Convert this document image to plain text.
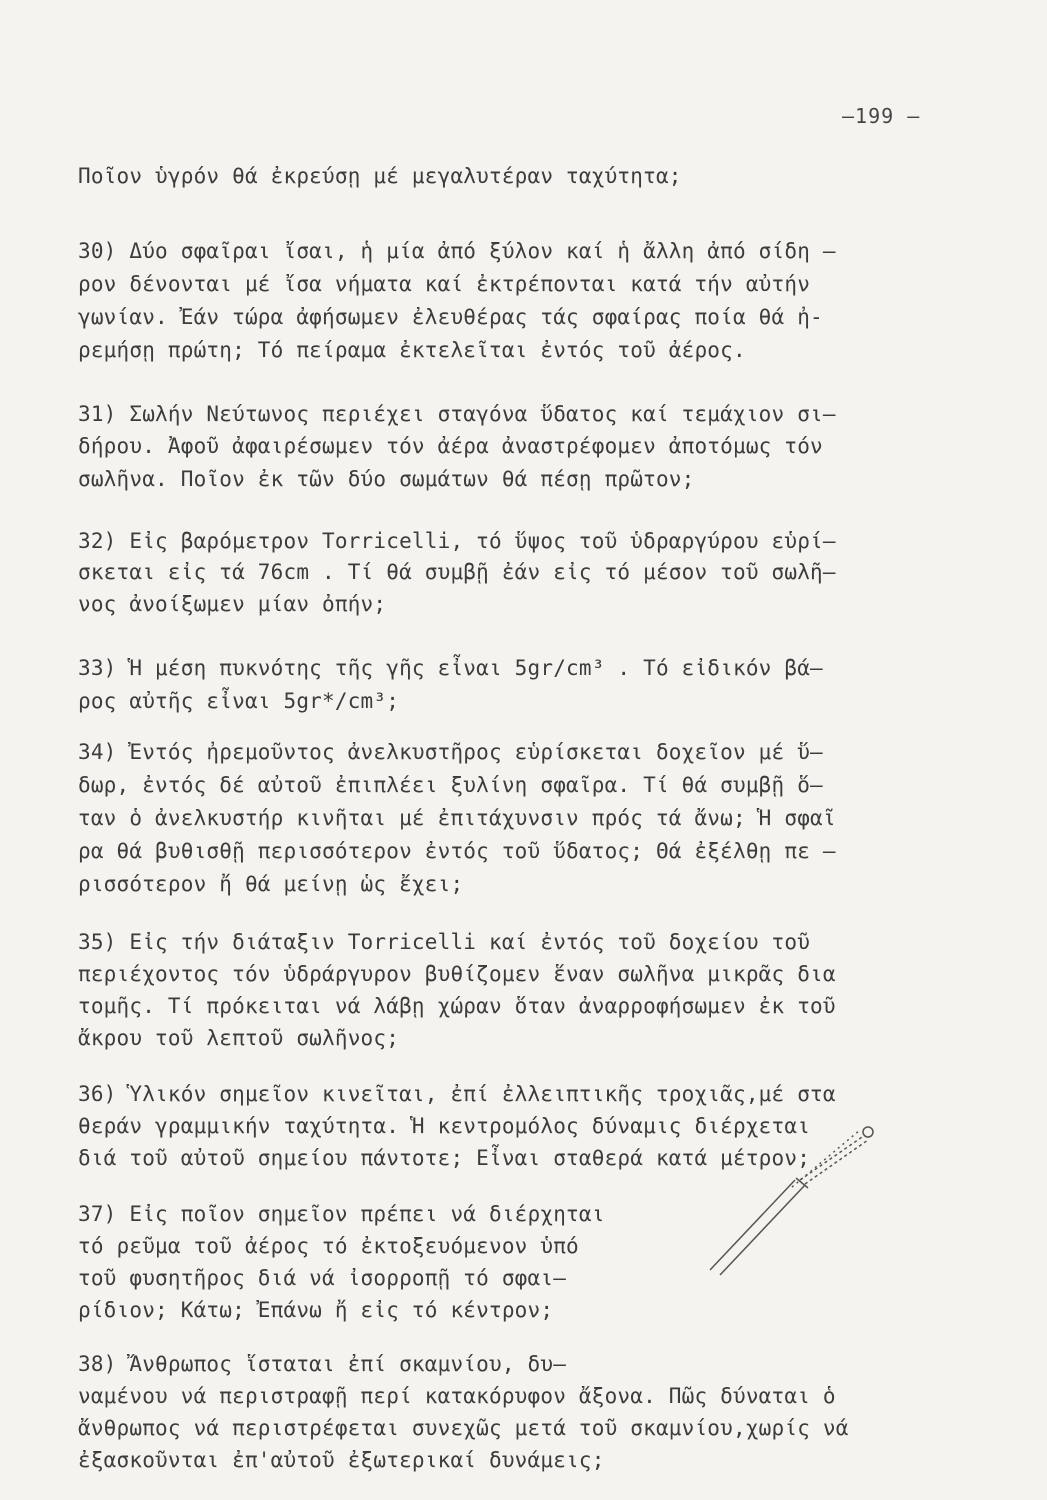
—199 –
Ποῖον ὑγρόν θά ἐκρεύσῃ μέ μεγαλυτέραν ταχύτητα;
30) Δύο σφαῖραι ἴσαι, ἡ μία ἀπό ξύλον καί ἡ ἄλλη ἀπό σίδη –
ρον δένονται μέ ἴσα νήματα καί ἐκτρέπονται κατά τήν αὐτήν
γωνίαν. Ἐάν τώρα ἀφήσωμεν ἐλευθέρας τάς σφαίρας ποία θά ἠ-
ρεμήσῃ πρώτη; Τό πείραμα ἐκτελεῖται ἐντός τοῦ ἀέρος.
31) Σωλήν Νεύτωνος περιέχει σταγόνα ὕδατος καί τεμάχιον σι–
δήρου. Ἀφοῦ ἀφαιρέσωμεν τόν ἀέρα ἀναστρέφομεν ἀποτόμως τόν
σωλῆνα. Ποῖον ἐκ τῶν δύο σωμάτων θά πέσῃ πρῶτον;
32) Εἰς βαρόμετρον Torricelli, τό ὕψος τοῦ ὑδραργύρου εὑρί–
σκεται εἰς τά 76cm . Τί θά συμβῇ ἐάν εἰς τό μέσον τοῦ σωλῆ–
νος ἀνοίξωμεν μίαν ὀπήν;
33) Ἡ μέση πυκνότης τῆς γῆς εἶναι 5gr/cm³ . Τό εἰδικόν βά–
ρος αὐτῆς εἶναι 5gr*/cm³;
34) Ἐντός ἠρεμοῦντος ἀνελκυστῆρος εὑρίσκεται δοχεῖον μέ ὕ–
δωρ, ἐντός δέ αὐτοῦ ἐπιπλέει ξυλίνη σφαῖρα. Τί θά συμβῇ ὅ–
ταν ὁ ἀνελκυστήρ κινῆται μέ ἐπιτάχυνσιν πρός τά ἄνω; Ἡ σφαῖ
ρα θά βυθισθῇ περισσότερον ἐντός τοῦ ὕδατος; Θά ἐξέλθῃ πε –
ρισσότερον ἤ θά μείνῃ ὡς ἔχει;
35) Εἰς τήν διάταξιν Torricelli καί ἐντός τοῦ δοχείου τοῦ
περιέχοντος τόν ὑδράργυρον βυθίζομεν ἕναν σωλῆνα μικρᾶς δια
τομῆς. Τί πρόκειται νά λάβῃ χώραν ὅταν ἀναρροφήσωμεν ἐκ τοῦ
ἄκρου τοῦ λεπτοῦ σωλῆνος;
36) Ὑλικόν σημεῖον κινεῖται, ἐπί ἐλλειπτικῆς τροχιᾶς,μέ στα
θεράν γραμμικήν ταχύτητα. Ἡ κεντρομόλος δύναμις διέρχεται
διά τοῦ αὐτοῦ σημείου πάντοτε; Εἶναι σταθερά κατά μέτρον;
37) Εἰς ποῖον σημεῖον πρέπει νά διέρχηται
τό ρεῦμα τοῦ ἀέρος τό ἐκτοξευόμενον ὑπό
τοῦ φυσητῆρος διά νά ἰσορροπῇ τό σφαι–
ρίδιον; Κάτω; Ἐπάνω ἤ εἰς τό κέντρον;
38) Ἄνθρωπος ἵσταται ἐπί σκαμνίου, δυ–
ναμένου νά περιστραφῇ περί κατακόρυφον ἄξονα. Πῶς δύναται ὁ
ἄνθρωπος νά περιστρέφεται συνεχῶς μετά τοῦ σκαμνίου,χωρίς νά
ἐξασκοῦνται ἐπ'αὐτοῦ ἐξωτερικαί δυνάμεις;
